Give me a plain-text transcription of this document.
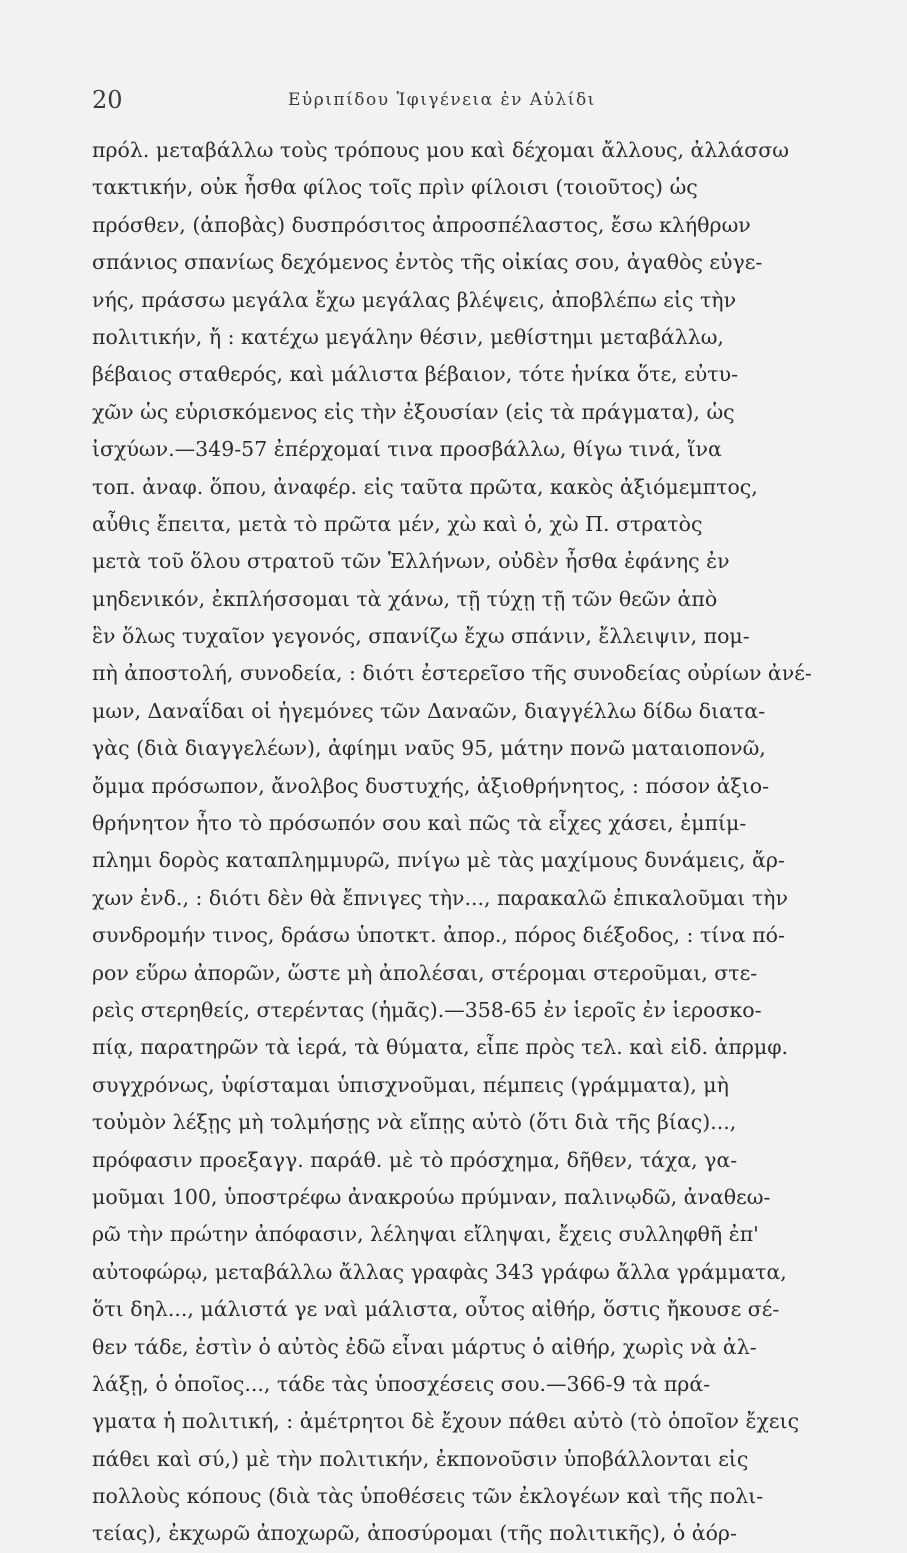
20	Εὐριπίδου Ἰφιγένεια ἐν Αὐλίδι
πρόλ. μεταβάλλω τοὺς τρόπους μου καὶ δέχομαι ἄλλους, ἀλλάσσω
τακτικήν, οὐκ ἦσθα φίλος τοῖς πρὶν φίλοισι (τοιοῦτος) ὡς
πρόσθεν, (ἀποβὰς) δυσπρόσιτος ἀπροσπέλαστος, ἔσω κλήθρων
σπάνιος σπανίως δεχόμενος ἐντὸς τῆς οἰκίας σου, ἀγαθὸς εὐγε-
νής, πράσσω μεγάλα ἔχω μεγάλας βλέψεις, ἀποβλέπω εἰς τὴν
πολιτικήν, ἤ : κατέχω μεγάλην θέσιν, μεθίστημι μεταβάλλω,
βέβαιος σταθερός, καὶ μάλιστα βέβαιον, τότε ἡνίκα ὅτε, εὐτυ-
χῶν ὡς εὑρισκόμενος εἰς τὴν ἐξουσίαν (εἰς τὰ πράγματα), ὡς
ἰσχύων.—349-57 ἐπέρχομαί τινα προσβάλλω, θίγω τινά, ἵνα
τοπ. ἀναφ. ὅπου, ἀναφέρ. εἰς ταῦτα πρῶτα, κακὸς ἀξιόμεμπτος,
αὖθις ἔπειτα, μετὰ τὸ πρῶτα μέν, χὼ καὶ ὁ, χὼ Π. στρατὸς
μετὰ τοῦ ὅλου στρατοῦ τῶν Ἑλλήνων, οὐδὲν ἦσθα ἐφάνης ἐν
μηδενικόν, ἐκπλήσσομαι τὰ χάνω, τῇ τύχῃ τῇ τῶν θεῶν ἀπὸ
ἓν ὅλως τυχαῖον γεγονός, σπανίζω ἔχω σπάνιν, ἔλλειψιν, πομ-
πὴ ἀποστολή, συνοδεία, : διότι ἐστερεῖσο τῆς συνοδείας οὐρίων ἀνέ-
μων, Δαναΐδαι οἱ ἡγεμόνες τῶν Δαναῶν, διαγγέλλω δίδω διατα-
γὰς (διὰ διαγγελέων), ἀφίημι ναῦς 95, μάτην πονῶ ματαιοπονῶ,
ὄμμα πρόσωπον, ἄνολβος δυστυχής, ἀξιοθρήνητος, : πόσον ἀξιο-
θρήνητον ἦτο τὸ πρόσωπόν σου καὶ πῶς τὰ εἶχες χάσει, ἐμπίμ-
πλημι δορὸς καταπλημμυρῶ, πνίγω μὲ τὰς μαχίμους δυνάμεις, ἄρ-
χων ἐνδ., : διότι δὲν θὰ ἔπνιγες τὴν..., παρακαλῶ ἐπικαλοῦμαι τὴν
συνδρομήν τινος, δράσω ὑποτκτ. ἀπορ., πόρος διέξοδος, : τίνα πό-
ρον εὕρω ἀπορῶν, ὥστε μὴ ἀπολέσαι, στέρομαι στεροῦμαι, στε-
ρεὶς στερηθείς, στερέντας (ἡμᾶς).—358-65 ἐν ἱεροῖς ἐν ἱεροσκο-
πίᾳ, παρατηρῶν τὰ ἱερά, τὰ θύματα, εἶπε πρὸς τελ. καὶ εἰδ. ἀπρμφ.
συγχρόνως, ὑφίσταμαι ὑπισχνοῦμαι, πέμπεις (γράμματα), μὴ
τοὐμὸν λέξῃς μὴ τολμήσῃς νὰ εἴπῃς αὐτὸ (ὅτι διὰ τῆς βίας)...,
πρόφασιν προεξαγγ. παράθ. μὲ τὸ πρόσχημα, δῆθεν, τάχα, γα-
μοῦμαι 100, ὑποστρέφω ἀνακρούω πρύμναν, παλινῳδῶ, ἀναθεω-
ρῶ τὴν πρώτην ἀπόφασιν, λέληψαι εἴληψαι, ἔχεις συλληφθῆ ἐπ'
αὐτοφώρῳ, μεταβάλλω ἄλλας γραφὰς 343 γράφω ἄλλα γράμματα,
ὅτι δηλ..., μάλιστά γε ναὶ μάλιστα, οὗτος αἰθήρ, ὅστις ἤκουσε σέ-
θεν τάδε, ἐστὶν ὁ αὐτὸς ἐδῶ εἶναι μάρτυς ὁ αἰθήρ, χωρὶς νὰ ἀλ-
λάξῃ, ὁ ὁποῖος..., τάδε τὰς ὑποσχέσεις σου.—366-9 τὰ πρά-
γματα ἡ πολιτική, : ἀμέτρητοι δὲ ἔχουν πάθει αὐτὸ (τὸ ὁποῖον ἔχεις
πάθει καὶ σύ,) μὲ τὴν πολιτικήν, ἐκπονοῦσιν ὑποβάλλονται εἰς
πολλοὺς κόπους (διὰ τὰς ὑποθέσεις τῶν ἐκλογέων καὶ τῆς πολι-
τείας), ἐκχωρῶ ἀποχωρῶ, ἀποσύρομαι (τῆς πολιτικῆς), ὁ ἀόρ-
